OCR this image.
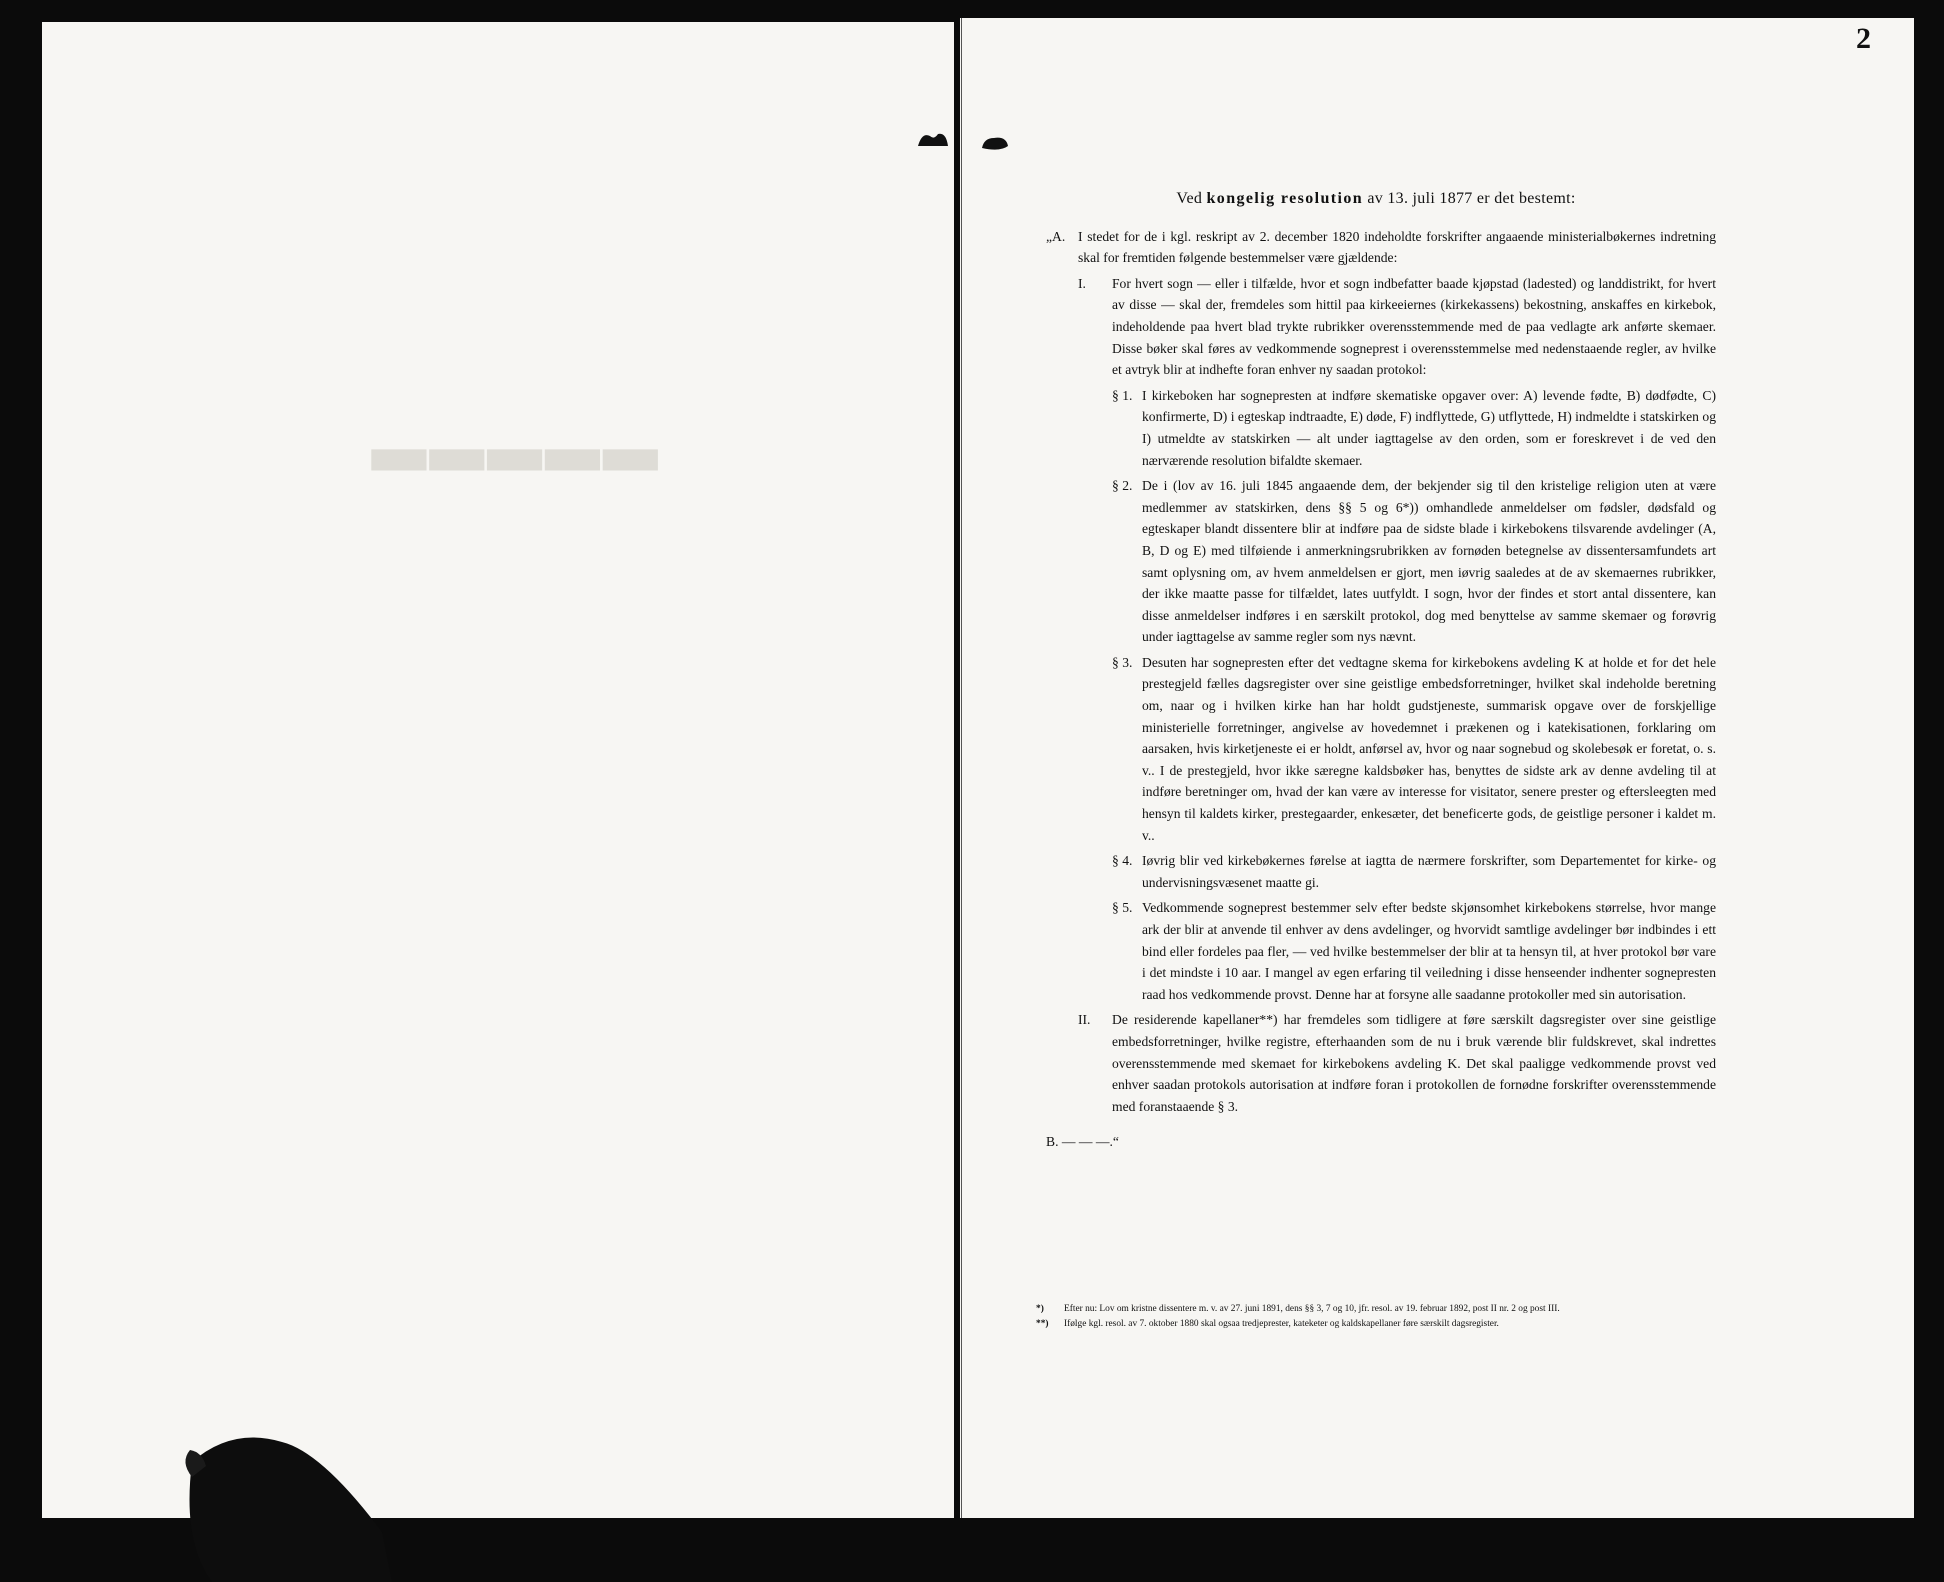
▂▂▂▂▂
2
Ved kongelig resolution av 13. juli 1877 er det bestemt:
„A. I stedet for de i kgl. reskript av 2. december 1820 indeholdte forskrifter angaaende ministerialbøkernes indretning skal for fremtiden følgende bestemmelser være gjældende:
I.	For hvert sogn — eller i tilfælde, hvor et sogn indbefatter baade kjøpstad (ladested) og landdistrikt, for hvert av disse — skal der, fremdeles som hittil paa kirkeeiernes (kirkekassens) bekostning, anskaffes en kirkebok, indeholdende paa hvert blad trykte rubrikker overensstemmende med de paa vedlagte ark anførte skemaer. Disse bøker skal føres av vedkommende sogneprest i overensstemmelse med nedenstaaende regler, av hvilke et avtryk blir at indhefte foran enhver ny saadan protokol:
§ 1. I kirkeboken har sognepresten at indføre skematiske opgaver over: A) levende fødte, B) dødfødte, C) konfirmerte, D) i egteskap indtraadte, E) døde, F) indflyttede, G) utflyttede, H) indmeldte i statskirken og I) utmeldte av statskirken — alt under iagttagelse av den orden, som er foreskrevet i de ved den nærværende resolution bifaldte skemaer.
§ 2. De i (lov av 16. juli 1845 angaaende dem, der bekjender sig til den kristelige religion uten at være medlemmer av statskirken, dens §§ 5 og 6*)) omhandlede anmeldelser om fødsler, dødsfald og egteskaper blandt dissentere blir at indføre paa de sidste blade i kirkebokens tilsvarende avdelinger (A, B, D og E) med tilføiende i anmerkningsrubrikken av fornøden betegnelse av dissentersamfundets art samt oplysning om, av hvem anmeldelsen er gjort, men iøvrig saaledes at de av skemaernes rubrikker, der ikke maatte passe for tilfældet, lates uutfyldt. I sogn, hvor der findes et stort antal dissentere, kan disse anmeldelser indføres i en særskilt protokol, dog med benyttelse av samme skemaer og forøvrig under iagttagelse av samme regler som nys nævnt.
§ 3. Desuten har sognepresten efter det vedtagne skema for kirkebokens avdeling K at holde et for det hele prestegjeld fælles dagsregister over sine geistlige embedsforretninger, hvilket skal indeholde beretning om, naar og i hvilken kirke han har holdt gudstjeneste, summarisk opgave over de forskjellige ministerielle forretninger, angivelse av hovedemnet i prækenen og i katekisationen, forklaring om aarsaken, hvis kirketjeneste ei er holdt, anførsel av, hvor og naar sognebud og skolebesøk er foretat, o. s. v.. I de prestegjeld, hvor ikke særegne kaldsbøker has, benyttes de sidste ark av denne avdeling til at indføre beretninger om, hvad der kan være av interesse for visitator, senere prester og eftersleegten med hensyn til kaldets kirker, prestegaarder, enkesæter, det beneficerte gods, de geistlige personer i kaldet m. v..
§ 4. Iøvrig blir ved kirkebøkernes førelse at iagtta de nærmere forskrifter, som Departementet for kirke- og undervisningsvæsenet maatte gi.
§ 5. Vedkommende sogneprest bestemmer selv efter bedste skjønsomhet kirkebokens størrelse, hvor mange ark der blir at anvende til enhver av dens avdelinger, og hvorvidt samtlige avdelinger bør indbindes i ett bind eller fordeles paa fler, — ved hvilke bestemmelser der blir at ta hensyn til, at hver protokol bør vare i det mindste i 10 aar. I mangel av egen erfaring til veiledning i disse henseender indhenter sognepresten raad hos vedkommende provst. Denne har at forsyne alle saadanne protokoller med sin autorisation.
II.	De residerende kapellaner**) har fremdeles som tidligere at føre særskilt dagsregister over sine geistlige embedsforretninger, hvilke registre, efterhaanden som de nu i bruk værende blir fuldskrevet, skal indrettes overensstemmende med skemaet for kirkebokens avdeling K. Det skal paaligge vedkommende provst ved enhver saadan protokols autorisation at indføre foran i protokollen de fornødne forskrifter overensstemmende med foranstaaende § 3.
B. — — —.“
*)	Efter nu: Lov om kristne dissentere m. v. av 27. juni 1891, dens §§ 3, 7 og 10, jfr. resol. av 19. februar 1892, post II nr. 2 og post III.
**)	Ifølge kgl. resol. av 7. oktober 1880 skal ogsaa tredjeprester, kateketer og kaldskapellaner føre særskilt dagsregister.
